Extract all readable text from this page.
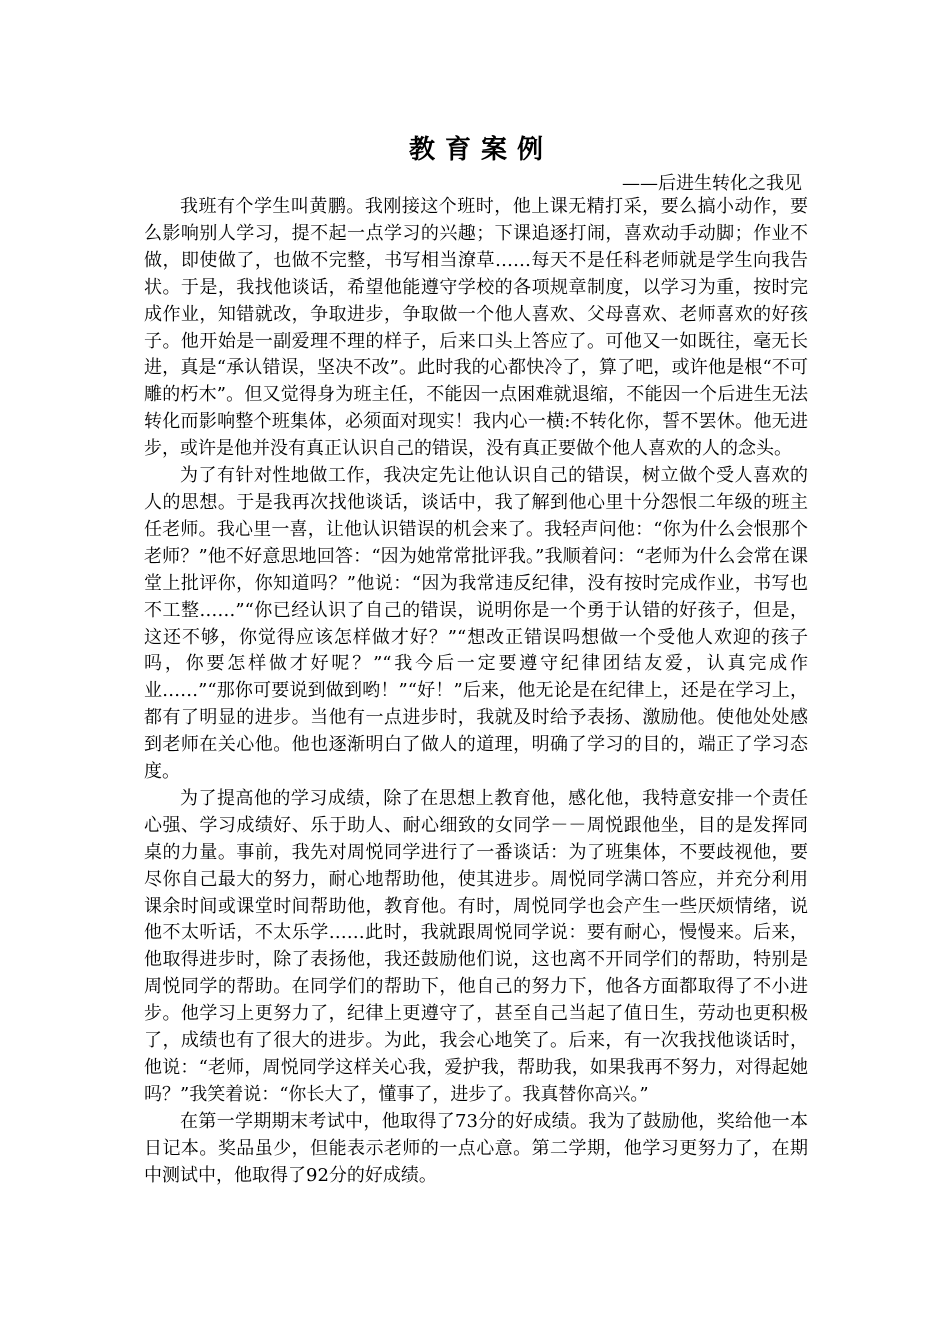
教育案例

——后进生转化之我见

我班有个学生叫黄鹏。我刚接这个班时，他上课无精打采，要么搞小动作，要么影响别人学习，提不起一点学习的兴趣；下课追逐打闹，喜欢动手动脚；作业不做，即使做了，也做不完整，书写相当潦草……每天不是任科老师就是学生向我告状。于是，我找他谈话，希望他能遵守学校的各项规章制度，以学习为重，按时完成作业，知错就改，争取进步，争取做一个他人喜欢、父母喜欢、老师喜欢的好孩子。他开始是一副爱理不理的样子，后来口头上答应了。可他又一如既往，毫无长进，真是“承认错误，坚决不改”。此时我的心都快冷了，算了吧，或许他是根“不可雕的朽木”。但又觉得身为班主任，不能因一点困难就退缩，不能因一个后进生无法转化而影响整个班集体，必须面对现实！我内心一横:不转化你，誓不罢休。他无进步，或许是他并没有真正认识自己的错误，没有真正要做个他人喜欢的人的念头。

为了有针对性地做工作，我决定先让他认识自己的错误，树立做个受人喜欢的人的思想。于是我再次找他谈话，谈话中，我了解到他心里十分怨恨二年级的班主任老师。我心里一喜，让他认识错误的机会来了。我轻声问他：“你为什么会恨那个老师？”他不好意思地回答：“因为她常常批评我。”我顺着问：“老师为什么会常在课堂上批评你，你知道吗？”他说：“因为我常违反纪律，没有按时完成作业，书写也不工整……”“你已经认识了自己的错误，说明你是一个勇于认错的好孩子，但是，这还不够，你觉得应该怎样做才好？”“想改正错误吗想做一个受他人欢迎的孩子吗，你要怎样做才好呢？”“我今后一定要遵守纪律团结友爱，认真完成作业……”“那你可要说到做到哟！”“好！”后来，他无论是在纪律上，还是在学习上，都有了明显的进步。当他有一点进步时，我就及时给予表扬、激励他。使他处处感到老师在关心他。他也逐渐明白了做人的道理，明确了学习的目的，端正了学习态度。

为了提高他的学习成绩，除了在思想上教育他，感化他，我特意安排一个责任心强、学习成绩好、乐于助人、耐心细致的女同学－－周悦跟他坐，目的是发挥同桌的力量。事前，我先对周悦同学进行了一番谈话：为了班集体，不要歧视他，要尽你自己最大的努力，耐心地帮助他，使其进步。周悦同学满口答应，并充分利用课余时间或课堂时间帮助他，教育他。有时，周悦同学也会产生一些厌烦情绪，说他不太听话，不太乐学……此时，我就跟周悦同学说：要有耐心，慢慢来。后来，他取得进步时，除了表扬他，我还鼓励他们说，这也离不开同学们的帮助，特别是周悦同学的帮助。在同学们的帮助下，他自己的努力下，他各方面都取得了不小进步。他学习上更努力了，纪律上更遵守了，甚至自己当起了值日生，劳动也更积极了，成绩也有了很大的进步。为此，我会心地笑了。后来，有一次我找他谈话时，他说：“老师，周悦同学这样关心我，爱护我，帮助我，如果我再不努力，对得起她吗？”我笑着说：“你长大了，懂事了，进步了。我真替你高兴。”

在第一学期期末考试中，他取得了73分的好成绩。我为了鼓励他，奖给他一本日记本。奖品虽少，但能表示老师的一点心意。第二学期，他学习更努力了，在期中测试中，他取得了92分的好成绩。
